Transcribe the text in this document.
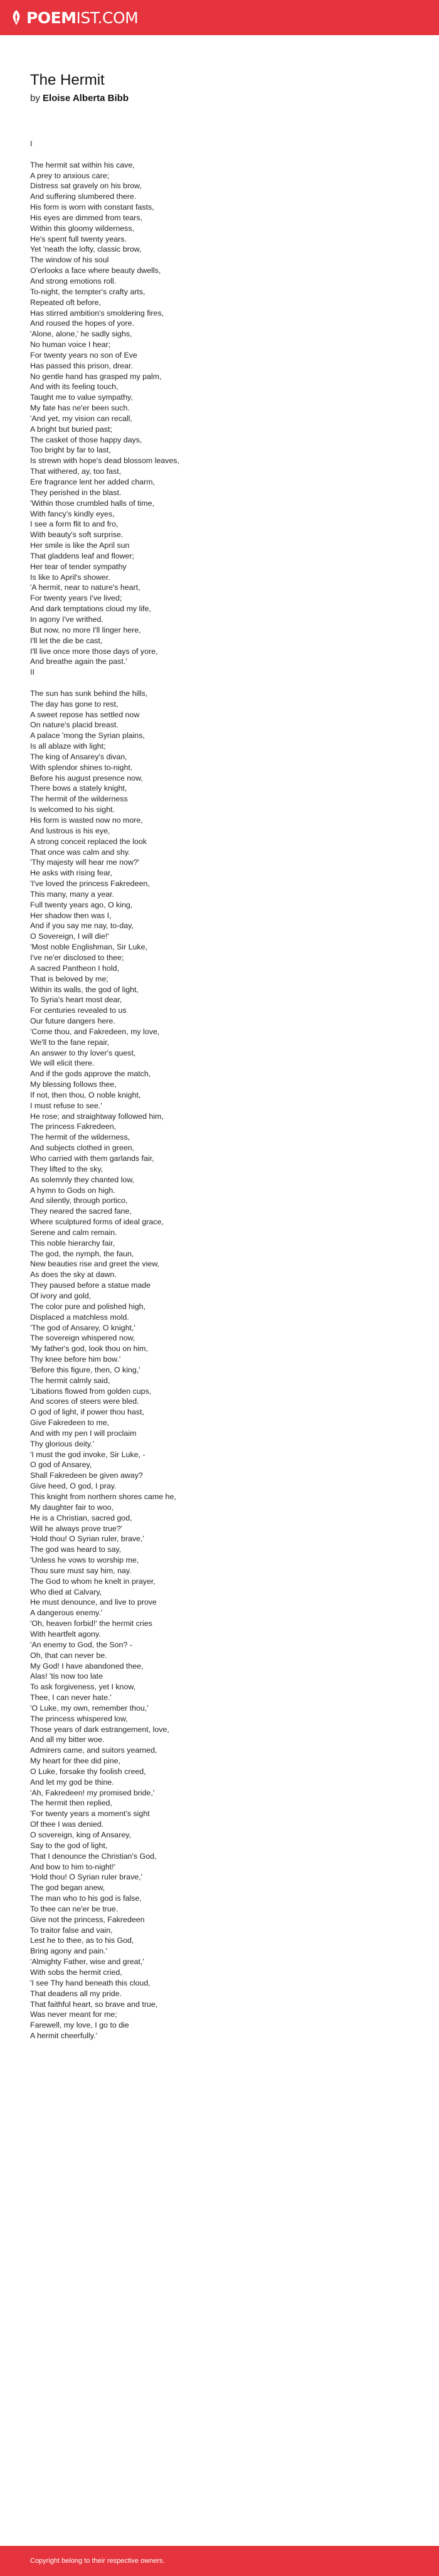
POEMIST.COM
The Hermit
by Eloise Alberta Bibb
I
The hermit sat within his cave,
A prey to anxious care;
Distress sat gravely on his brow,
And suffering slumbered there.
His form is worn with constant fasts,
His eyes are dimmed from tears,
Within this gloomy wilderness,
He's spent full twenty years.
Yet 'neath the lofty, classic brow,
The window of his soul
O'erlooks a face where beauty dwells,
And strong emotions roll.
To-night, the tempter's crafty arts,
Repeated oft before,
Has stirred ambition's smoldering fires,
And roused the hopes of yore.
'Alone, alone,' he sadly sighs,
No human voice I hear;
For twenty years no son of Eve
Has passed this prison, drear.
No gentle hand has grasped my palm,
And with its feeling touch,
Taught me to value sympathy,
My fate has ne'er been such.
'And yet, my vision can recall,
A bright but buried past;
The casket of those happy days,
Too bright by far to last,
Is strewn with hope's dead blossom leaves,
That withered, ay, too fast,
Ere fragrance lent her added charm,
They perished in the blast.
'Within those crumbled halls of time,
With fancy's kindly eyes,
I see a form flit to and fro,
With beauty's soft surprise.
Her smile is like the April sun
That gladdens leaf and flower;
Her tear of tender sympathy
Is like to April's shower.
'A hermit, near to nature's heart,
For twenty years I've lived;
And dark temptations cloud my life,
In agony I've writhed.
But now, no more I'll linger here,
I'll let the die be cast,
I'll live once more those days of yore,
And breathe again the past.'
II
The sun has sunk behind the hills,
The day has gone to rest,
A sweet repose has settled now
On nature's placid breast.
A palace 'mong the Syrian plains,
Is all ablaze with light;
The king of Ansarey's divan,
With splendor shines to-night.
Before his august presence now,
There bows a stately knight,
The hermit of the wilderness
Is welcomed to his sight.
His form is wasted now no more,
And lustrous is his eye,
A strong conceit replaced the look
That once was calm and shy.
'Thy majesty will hear me now?'
He asks with rising fear,
'I've loved the princess Fakredeen,
This many, many a year.
Full twenty years ago, O king,
Her shadow then was I,
And if you say me nay, to-day,
O Sovereign, I will die!'
'Most noble Englishman, Sir Luke,
I've ne'er disclosed to thee;
A sacred Pantheon I hold,
That is beloved by me;
Within its walls, the god of light,
To Syria's heart most dear,
For centuries revealed to us
Our future dangers here.
'Come thou, and Fakredeen, my love,
We'll to the fane repair,
An answer to thy lover's quest,
We will elicit there.
And if the gods approve the match,
My blessing follows thee,
If not, then thou, O noble knight,
I must refuse to see.'
He rose; and straightway followed him,
The princess Fakredeen,
The hermit of the wilderness,
And subjects clothed in green,
Who carried with them garlands fair,
They lifted to the sky,
As solemnly they chanted low,
A hymn to Gods on high.
And silently, through portico,
They neared the sacred fane,
Where sculptured forms of ideal grace,
Serene and calm remain.
This noble hierarchy fair,
The god, the nymph, the faun,
New beauties rise and greet the view,
As does the sky at dawn.
They paused before a statue made
Of ivory and gold,
The color pure and polished high,
Displaced a matchless mold.
'The god of Ansarey, O knight,'
The sovereign whispered now,
'My father's god, look thou on him,
Thy knee before him bow.'
'Before this figure, then, O king,'
The hermit calmly said,
'Libations flowed from golden cups,
And scores of steers were bled.
O god of light, if power thou hast,
Give Fakredeen to me,
And with my pen I will proclaim
Thy glorious deity.'
'I must the god invoke, Sir Luke, -
O god of Ansarey,
Shall Fakredeen be given away?
Give heed, O god, I pray.
This knight from northern shores came he,
My daughter fair to woo,
He is a Christian, sacred god,
Will he always prove true?'
'Hold thou! O Syrian ruler, brave,'
The god was heard to say,
'Unless he vows to worship me,
Thou sure must say him, nay.
The God to whom he knelt in prayer,
Who died at Calvary,
He must denounce, and live to prove
A dangerous enemy.'
'Oh, heaven forbid!' the hermit cries
With heartfelt agony.
'An enemy to God, the Son? -
Oh, that can never be.
My God! I have abandoned thee,
Alas! 'tis now too late
To ask forgiveness, yet I know,
Thee, I can never hate.'
'O Luke, my own, remember thou,'
The princess whispered low,
Those years of dark estrangement, love,
And all my bitter woe.
Admirers came, and suitors yearned,
My heart for thee did pine,
O Luke, forsake thy foolish creed,
And let my god be thine.
'Ah, Fakredeen! my promised bride,'
The hermit then replied,
'For twenty years a moment's sight
Of thee I was denied.
O sovereign, king of Ansarey,
Say to the god of light,
That I denounce the Christian's God,
And bow to him to-night!'
'Hold thou! O Syrian ruler brave,'
The god began anew,
The man who to his god is false,
To thee can ne'er be true.
Give not the princess, Fakredeen
To traitor false and vain,
Lest he to thee, as to his God,
Bring agony and pain.'
'Almighty Father, wise and great,'
With sobs the hermit cried,
'I see Thy hand beneath this cloud,
That deadens all my pride.
That faithful heart, so brave and true,
Was never meant for me;
Farewell, my love, I go to die
A hermit cheerfully.'
Copyright belong to their respective owners.
